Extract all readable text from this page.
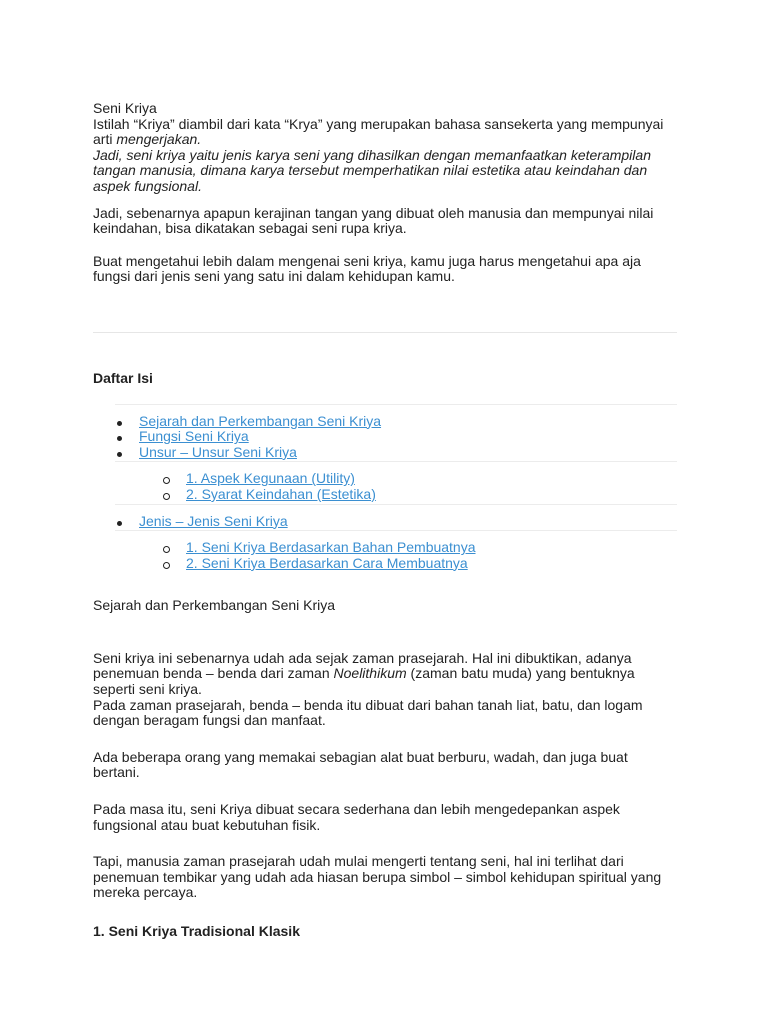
Seni Kriya

Istilah “Kriya” diambil dari kata “Krya” yang merupakan bahasa sansekerta yang mempunyai

arti mengerjakan.

Jadi, seni kriya yaitu jenis karya seni yang dihasilkan dengan memanfaatkan keterampilan tangan manusia, dimana karya tersebut memperhatikan nilai estetika atau keindahan dan aspek fungsional.

Jadi, sebenarnya apapun kerajinan tangan yang dibuat oleh manusia dan mempunyai nilai keindahan, bisa dikatakan sebagai seni rupa kriya.

Buat mengetahui lebih dalam mengenai seni kriya, kamu juga harus mengetahui apa aja fungsi dari jenis seni yang satu ini dalam kehidupan kamu.

Daftar Isi

Sejarah dan Perkembangan Seni Kriya
Fungsi Seni Kriya
Unsur – Unsur Seni Kriya
1. Aspek Kegunaan (Utility)
2. Syarat Keindahan (Estetika)
Jenis – Jenis Seni Kriya
1. Seni Kriya Berdasarkan Bahan Pembuatnya
2. Seni Kriya Berdasarkan Cara Membuatnya

Sejarah dan Perkembangan Seni Kriya

Seni kriya ini sebenarnya udah ada sejak zaman prasejarah. Hal ini dibuktikan, adanya penemuan benda – benda dari zaman Noelithikum (zaman batu muda) yang bentuknya seperti seni kriya.

Pada zaman prasejarah, benda – benda itu dibuat dari bahan tanah liat, batu, dan logam dengan beragam fungsi dan manfaat.

Ada beberapa orang yang memakai sebagian alat buat berburu, wadah, dan juga buat bertani.

Pada masa itu, seni Kriya dibuat secara sederhana dan lebih mengedepankan aspek fungsional atau buat kebutuhan fisik.

Tapi, manusia zaman prasejarah udah mulai mengerti tentang seni, hal ini terlihat dari penemuan tembikar yang udah ada hiasan berupa simbol – simbol kehidupan spiritual yang mereka percaya.

1. Seni Kriya Tradisional Klasik
